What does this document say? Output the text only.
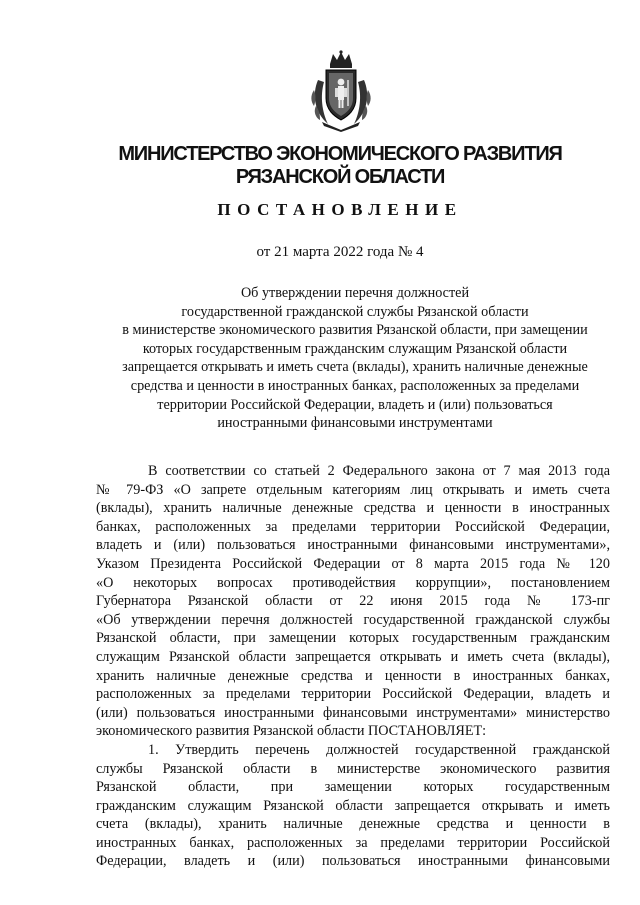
МИНИСТЕРСТВО ЭКОНОМИЧЕСКОГО РАЗВИТИЯ

РЯЗАНСКОЙ ОБЛАСТИ

ПОСТАНОВЛЕНИЕ

от 21 марта 2022 года № 4

Об утверждении перечня должностей
государственной гражданской службы Рязанской области
в министерстве экономического развития Рязанской области, при замещении
которых государственным гражданским служащим Рязанской области
запрещается открывать и иметь счета (вклады), хранить наличные денежные
средства и ценности в иностранных банках, расположенных за пределами
территории Российской Федерации, владеть и (или) пользоваться
иностранными финансовыми инструментами
В соответствии со статьей 2 Федерального закона от 7 мая 2013 года
№ 79-ФЗ «О запрете отдельным категориям лиц открывать и иметь счета
(вклады), хранить наличные денежные средства и ценности в иностранных
банках, расположенных за пределами территории Российской Федерации,
владеть и (или) пользоваться иностранными финансовыми инструментами»,
Указом Президента Российской Федерации от 8 марта 2015 года № 120
«О некоторых вопросах противодействия коррупции», постановлением
Губернатора Рязанской области от 22 июня 2015 года № 173-пг
«Об утверждении перечня должностей государственной гражданской службы
Рязанской области, при замещении которых государственным гражданским
служащим Рязанской области запрещается открывать и иметь счета (вклады),
хранить наличные денежные средства и ценности в иностранных банках,
расположенных за пределами территории Российской Федерации, владеть и
(или) пользоваться иностранными финансовыми инструментами» министерство
экономического развития Рязанской области ПОСТАНОВЛЯЕТ:
1. Утвердить перечень должностей государственной гражданской
службы Рязанской области в министерстве экономического развития
Рязанской области, при замещении которых государственным
гражданским служащим Рязанской области запрещается открывать и иметь
счета (вклады), хранить наличные денежные средства и ценности в
иностранных банках, расположенных за пределами территории Российской
Федерации, владеть и (или) пользоваться иностранными финансовыми
